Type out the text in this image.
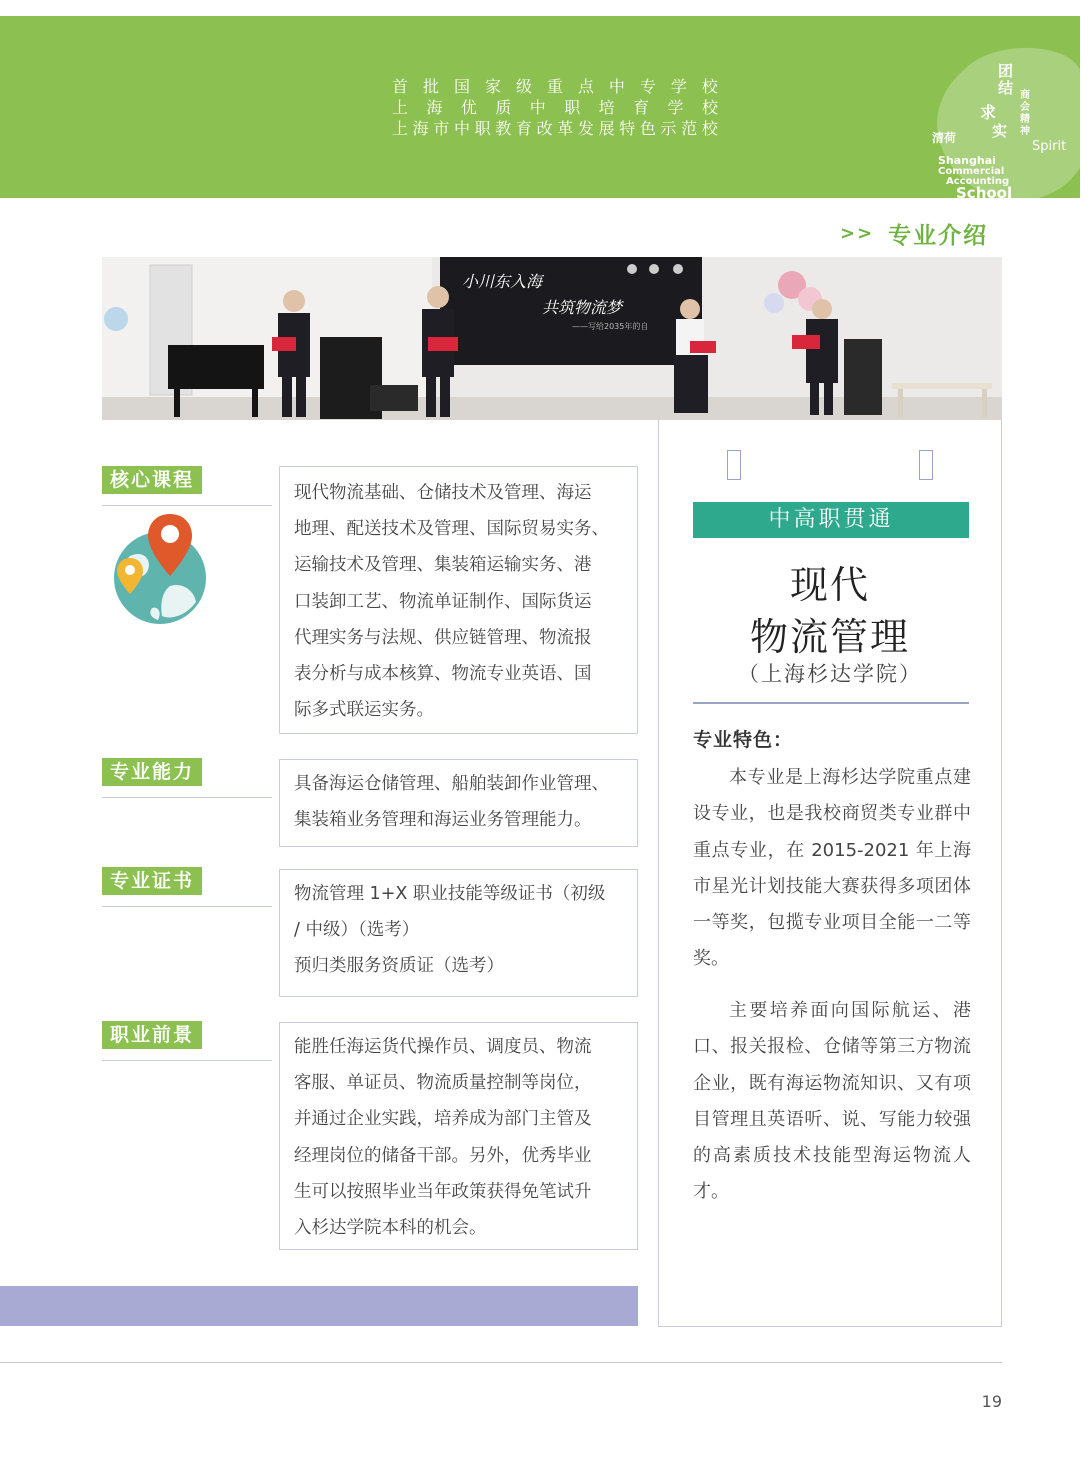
首 批 国 家 级 重 点 中 专 学 校
上 海 优 质 中 职 培 育 学 校
上 海 市 中 职 教 育 改 革 发 展 特 色 示 范 校
团
结
求
实
清荷
商
会
精
神
Spirit
Shanghai
Commercial
Accounting
School
Aspiration
>> 专业介绍
小川东入海
共筑物流梦
——写给2035年的自
核心课程

现代物流基础、仓储技术及管理、海运
地理、配送技术及管理、国际贸易实务、
运输技术及管理、集装箱运输实务、港
口装卸工艺、物流单证制作、国际货运
代理实务与法规、供应链管理、物流报
表分析与成本核算、物流专业英语、国
际多式联运实务。

专业能力

具备海运仓储管理、船舶装卸作业管理、
集装箱业务管理和海运业务管理能力。

专业证书

物流管理 1+X 职业技能等级证书（初级
/ 中级）（选考）
预归类服务资质证（选考）

职业前景

能胜任海运货代操作员、调度员、物流
客服、单证员、物流质量控制等岗位，
并通过企业实践，培养成为部门主管及
经理岗位的储备干部。另外，优秀毕业
生可以按照毕业当年政策获得免笔试升
入杉达学院本科的机会。

中高职贯通
现代
物流管理
（上海杉达学院）
专业特色：

本专业是上海杉达学院重点建设专业，也是我校商贸类专业群中重点专业，在 2015-2021 年上海市星光计划技能大赛获得多项团体一等奖，包揽专业项目全能一二等奖。

主要培养面向国际航运、港口、报关报检、仓储等第三方物流企业，既有海运物流知识、又有项目管理且英语听、说、写能力较强的高素质技术技能型海运物流人才。

19
